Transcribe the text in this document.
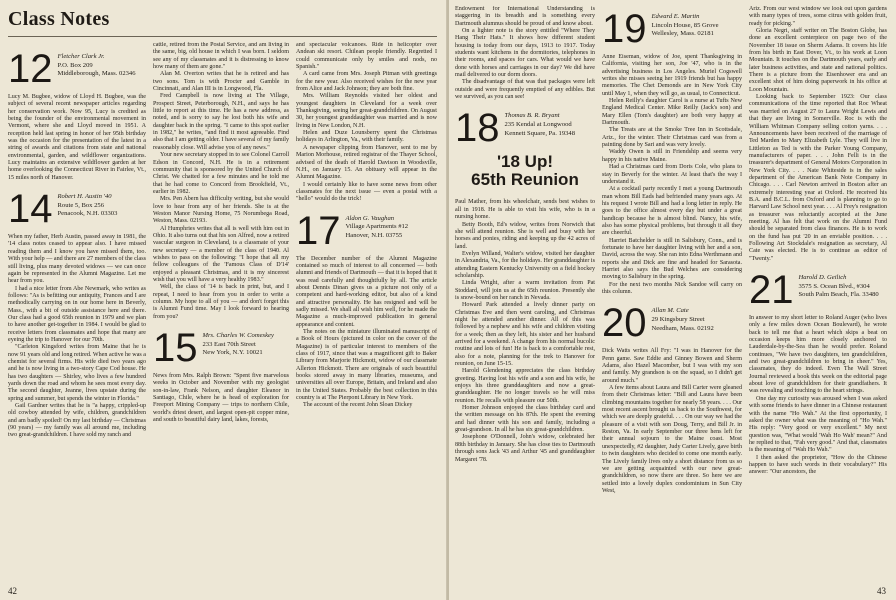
Class Notes
12 Fletcher Clark Jr.
P.O. Box 209
Middleborough, Mass. 02346

Lucy M. Bugbee, widow of Lloyd H. Bugbee, was the subject of several recent newspaper articles regarding her conservation work. Now 95, Lucy is credited as being the founder of the environmental movement in Vermont, where she and Lloyd moved in 1951. A reception held last spring in honor of her 95th birthday was the occasion for the presentation of the latest in a string of awards and citations from state and national environmental, garden, and wildflower organizations. Lucy maintains an extensive wildflower garden at her home overlooking the Connecticut River in Fairlee, Vt., 15 miles north of Hanover.

14 Robert H. Austin '40
Route 5, Box 256
Penacook, N.H. 03303

When my father, Herb Austin, passed away in 1981, the '14 class notes ceased to appear also. I have missed reading them and I know you have missed them, too. With your help — and there are 27 members of the class still living, plus many devoted widows — we can once again be represented in the Alumni Magazine. Let me hear from you.

I had a nice letter from Abe Newmark, who writes as follows: "As is befitting our antiquity, Frances and I are methodically carrying on in our home here in Beverly, Mass., with a bit of outside assistance here and there. Our class had a good 65th reunion in 1979 and we plan to have another get-together in 1984. I would be glad to receive letters from classmates and hope that many are eyeing the trip to Hanover for our 70th.

"Carleton Kingsford writes from Maine that he is now 91 years old and long retired. When active he was a chemist for several firms. His wife died two years ago and he is now living in a two-story Cape Cod house. He has two daughters — Shirley, who lives a few hundred yards down the road and whom he sees most every day. The second daughter, Jeanne, lives upstate during the spring and summer, but spends the winter in Florida."

Gail Gardner writes that he is "a happy, crippled-up old cowboy attended by wife, children, grandchildren and am badly spoiled! On my last birthday — Christmas (90 years) — my family was all around me, including two great-grandchildren. I have sold my ranch and

cattle, retired from the Postal Service, and am living in the same, big, old house in which I was born. I seldom see any of my classmates and it is distressing to know how many of them are gone."

Alan M. Overton writes that he is retired and has two sons. Tom is with Procter and Gamble in Cincinnati, and Alan III is in Longwood, Fla.

Fred Campbell is now living at The Village, Prospect Street, Peterborough, N.H., and says he has little to report at this time. He has a new address, as noted, and is sorry to say he lost both his wife and daughter back in the spring. "I came to this spot earlier in 1982," he writes, "and find it most agreeable. Find also that I am getting older. I have several of my family reasonably close. Will advise you of any news."

Your new secretary stopped in to see Colonel Carroll Edson in Concord, N.H. He is in a retirement community that is sponsored by the United Church of Christ. We chatted for a few minutes and he told me that he had come to Concord from Brookfield, Vt., earlier in 1982.

Mrs. Pen Abern has difficulty writing, but she would love to hear from any of her friends. She is at the Weston Manor Nursing Home, 75 Norumbega Road, Weston, Mass. 02193.

Al Humphries writes that all is well with him out in Ohio. It also turns out that his son Alfred, now a retired vascular surgeon in Cleveland, is a classmate of your new secretary — a member of the class of 1940. Al wishes to pass on the following: "I hope that all my fellow colleagues of the 'Famous Class of D'14' enjoyed a pleasant Christmas, and it is my sincerest wish that you will have a very healthy 1983."

Well, the class of '14 is back in print, but, and I repeat, I need to hear from you in order to write a column. My hope to all of you — and don't forget this is Alumni Fund time. May I look forward to hearing from you?

15 Mrs. Charles W. Comeskey
233 East 70th Street
New York, N.Y. 10021

News from Mrs. Ralph Brown: "Spent five marvelous weeks in October and November with my geologist son-in-law, Frank Nelson, and daughter Eleanor in Santiago, Chile, where he is head of exploration for Freeport Mining Company — trips to northern Chile, world's driest desert, and largest open-pit copper mine, and south to beautiful dairy land, lakes, forests,

and spectacular volcanoes. Ride in helicopter over Andean ski resort. Chilean people friendly. Regretted I could communicate only by smiles and nods, no Spanish."

A card came from Mrs. Joseph Pitman with greetings for the new year. Also received wishes for the new year from Alice and Jack Johnson; they are both fine.

Mrs. William Reynolds visited her oldest and youngest daughters in Cleveland for a week over Thanksgiving, seeing her great-grandchildren. On August 30, her youngest granddaughter was married and is now living in New London, N.H.

Helen and Duze Lounsberry spent the Christmas holidays in Arlington, Va., with their family.

A newspaper clipping from Hanover, sent to me by Marion Morhouse, retired registrar of the Thayer School, advised of the death of Harold Davison in Woodsville, N.H., on January 15. An obituary will appear in the Alumni Magazine.

I would certainly like to have some news from other classmates for the next issue — even a postal with a "hello" would do the trick!

17 Aldon G. Vaughan
Village Apartments #12
Hanover, N.H. 03755

The December number of the Alumni Magazine contained so much of interest to all concerned — both alumni and friends of Dartmouth — that it is hoped that it was read carefully and thoughtfully by all. The article about Dennis Dinan gives us a picture not only of a competent and hard-working editor, but also of a kind and attractive personality. He has resigned and will be sadly missed. We shall all wish him well, for he made the Magazine a much-improved publication in general appearance and content.

The notes on the miniature illuminated manuscript of a Book of Hours (pictured in color on the cover of the Magazine) is of particular interest to members of the class of 1917, since that was a magnificent gift to Baker Library from Marjorie Hickmott, widow of our classmate Allerton Hickmott. There are originals of such beautiful books stored away in many libraries, museums, and universities all over Europe, Britain, and Ireland and also in the United States. Probably the best collection in this country is at The Pierpont Library in New York.

The account of the recent John Sloan Dickey

42

Endowment for International Understanding is staggering in its breadth and is something every Dartmouth alumnus should be proud of and know about.

On a lighter note is the story entitled "Where They Hang Their Hats." It shows how different student housing is today from our days, 1913 to 1917. Today students want kitchens in the dormitories, telephones in their rooms, and spaces for cars. What would we have done with horses and carriages in our day? We did have mail delivered to our dorm doors.

The disadvantage of that was that packages were left outside and were frequently emptied of any edibles. But we survived, as you can see!

18 Thomas B. R. Bryant
235 Kendal at Longwood
Kennett Square, Pa. 19348
'18 Up!
65th Reunion

Paul Mather, from his wheelchair, sends best wishes to all in 1918. He is able to visit his wife, who is in a nursing home.

Betty Booth, Ed's widow, writes from Norwich that she will attend reunion. She is well and busy with her horses and ponies, riding and keeping up the 42 acres of land.

Evelyn Willand, Walter's widow, visited her daughter in Alexandria, Va., for the holidays. Her granddaughter is attending Eastern Kentucky University on a field hockey scholarship.

Linda Wright, after a warm invitation from Pat Stoddard, will join us at the 65th reunion. Presently she is snow-bound on her ranch in Nevada.

Howard Park attended a lively dinner party on Christmas Eve and then went caroling, and Christmas night he attended another dinner. All of this was followed by a nephew and his wife and children visiting for a week; then as they left, his sister and her husband arrived for a weekend. A change from his normal bucolic routine and lots of fun! He is back to a comfortable rest, also for a note, planning for the trek to Hanover for reunion, on June 15-15.

Harold Glendening appreciates the class birthday greeting. Having lost his wife and a son and his wife, he enjoys his three granddaughters and now a great-granddaughter. He no longer travels so he will miss reunion. He recalls with pleasure our 50th.

Homer Johnson enjoyed the class birthday card and the written message on his 87th. He spent the evening and had dinner with his son and family, including a great-grandson. In all he has six great-grandchildren.

Josephone O'Donnell, John's widow, celebrated her 88th birthday in January. She has close ties to Dartmouth through sons Jack '43 and Arthur '45 and granddaughter Margaret '78.

19 Edward E. Martin
Lincoln House, 85 Grove
Wellesley, Mass. 02181

Anne Eiseman, widow of Joe, spent Thanksgiving in California, visiting her son, Joe '47, who is in the advertising business in Los Angeles. Muriel Cogswell writes she misses seeing her 1919 friends but has happy memories. The Chet Demonds are in New York City until May 1, when they will go, as usual, to Connecticut.

Helen Reilly's daughter Carol is a nurse at Tufts New England Medical Center. Mike Reilly (Jack's son) and Mary Ellen (Tom's daughter) are both very happy at Dartmouth.

The Treats are at the Smoke Tree Inn in Scottsdale, Ariz., for the winter. Their Christmas card was from a painting done by Sari and was very lovely.

Waddy Owen is still in Friendship and seems very happy in his native Maine.

Had a Christmas card from Doris Cole, who plans to stay in Beverly for the winter. At least that's the way I understand it.

At a cocktail party recently I met a young Dartmouth man whom Bill Eads had befriended many years ago. At his request I wrote Bill and had a long letter in reply. He goes to the office almost every day but under a great handicap because he is almost blind. Nancy, his wife, also has some physical problems, but through it all they are cheerful.

Harriet Batchelder is still in Salisbury, Conn., and is fortunate to have her daughter living with her and a son, David, across the way. She ran into Edna Werthmann and reports she and Dick are fine and headed for Sarasota. Harriet also says the Bud Welches are considering moving to Salisbury in the spring.

For the next two months Nick Sandoe will carry on this column.

20 Allan M. Cate
29 Kingsbury Street
Needham, Mass. 02192

Dick Watts writes All Fry: "I was in Hanover for the Penn game. Saw Eddie and Ginney Bowen and Sherm Adams, also Hazel Macomber, but I was with my son and family. My grandson is on the squad, so I didn't get around much."

A few items about Laura and Bill Carter were gleaned from their Christmas letter: "Bill and Laura have been climbing mountains together for nearly 58 years. . . . Our most recent ascent brought us back to the Southwest, for which we are deeply grateful. . . . On our way we had the pleasure of a visit with son Doug, Terry, and Bill Jr. in Reston, Va. In early September our three hens left for their annual sojourn to the Maine coast. Most unexpectedly, #2 daughter, Judy Carter Lively, gave birth to twin daughters who decided to come one month early. The Lively family lives only a short distance from us so we are getting acquainted with our new great-grandchildren, so now there are three. So here we are settled into a lovely duplex condominium in Sun City West,

Ariz. From our west window we look out upon gardens with many types of trees, some citrus with golden fruit, ready for picking."

Gloria Negri, staff writer on The Boston Globe, has done an excellent centerpiece on page two of the November 18 issue on Sherm Adams. It covers his life from his birth in East Dover, Vt., to his work at Loon Mountain. It touches on the Dartmouth years, early and later business activities, and state and national politics. There is a picture from the Eisenhower era and an excellent shot of him doing paperwork in his office at Loon Mountain.

Looking back to September 1923: Our class communications of the time reported that Roc Wheat was married on August 27 to Laura Wright Lewis and that they are living in Somerville. Roc is with the William Whitman Company selling cotton yarns. . . . Announcements have been received of the marriage of Ted Marden to Mary Elizabeth Lyle. They will live in Littleton as Ted is with the Parker Young Company, manufacturers of paper. . . . John Felli is in the treasurer's department of General Motors Corporation in New York City. . . . Nate Whiteside is in the sales department of the American Bank Note Company in Chicago. . . . Carl Newton arrived in Boston after an extremely interesting year at Oxford. He received his B.A. and B.C.L. from Oxford and is planning to go to Harvard Law School next year. . . . Al Frey's resignation as treasurer was reluctantly accepted at the June meeting. Al has felt that work on the Alumni Fund should be separated from class finances. He is to work on the fund has put '20 in an enviable position. . . . Following Art Stockdale's resignation as secretary, Al Cate was elected. He is to continue as editor of "Twenty."

21 Harold D. Geilich
3575 S. Ocean Blvd., #304
South Palm Beach, Fla. 33480

In answer to my short letter to Roland Auger (who lives only a few miles down Ocean Boulevard), he wrote back to tell me that a heart which skips a beat on occasion keeps him more closely anchored to Lauderdale-by-the-Sea than he would prefer. Roland continues, "We have two daughters, ten grandchildren, and two great-grandchildren to bring in cheer." Yes, classmates, they do indeed. Even The Wall Street Journal reviewed a book this week on the editorial page about love of grandchildren for their grandfathers. It was revealing and touching to the heart strings.

One day my curiosity was aroused when I was asked with some friends to have dinner in a Chinese restaurant with the name "Ho Wah." At the first opportunity, I asked the owner what was the meaning of "Ho Wah." His reply: "Very good or very excellent." My next question was, "What would 'Wah Ho Wah' mean?" And he replied to that, "Fah very good." And that, classmates is the meaning of "Wah Ho Wah."

I then asked the proprietor, "How do the Chinese happen to have such words in their vocabulary?" His answer: "Our ancestors, the

43
